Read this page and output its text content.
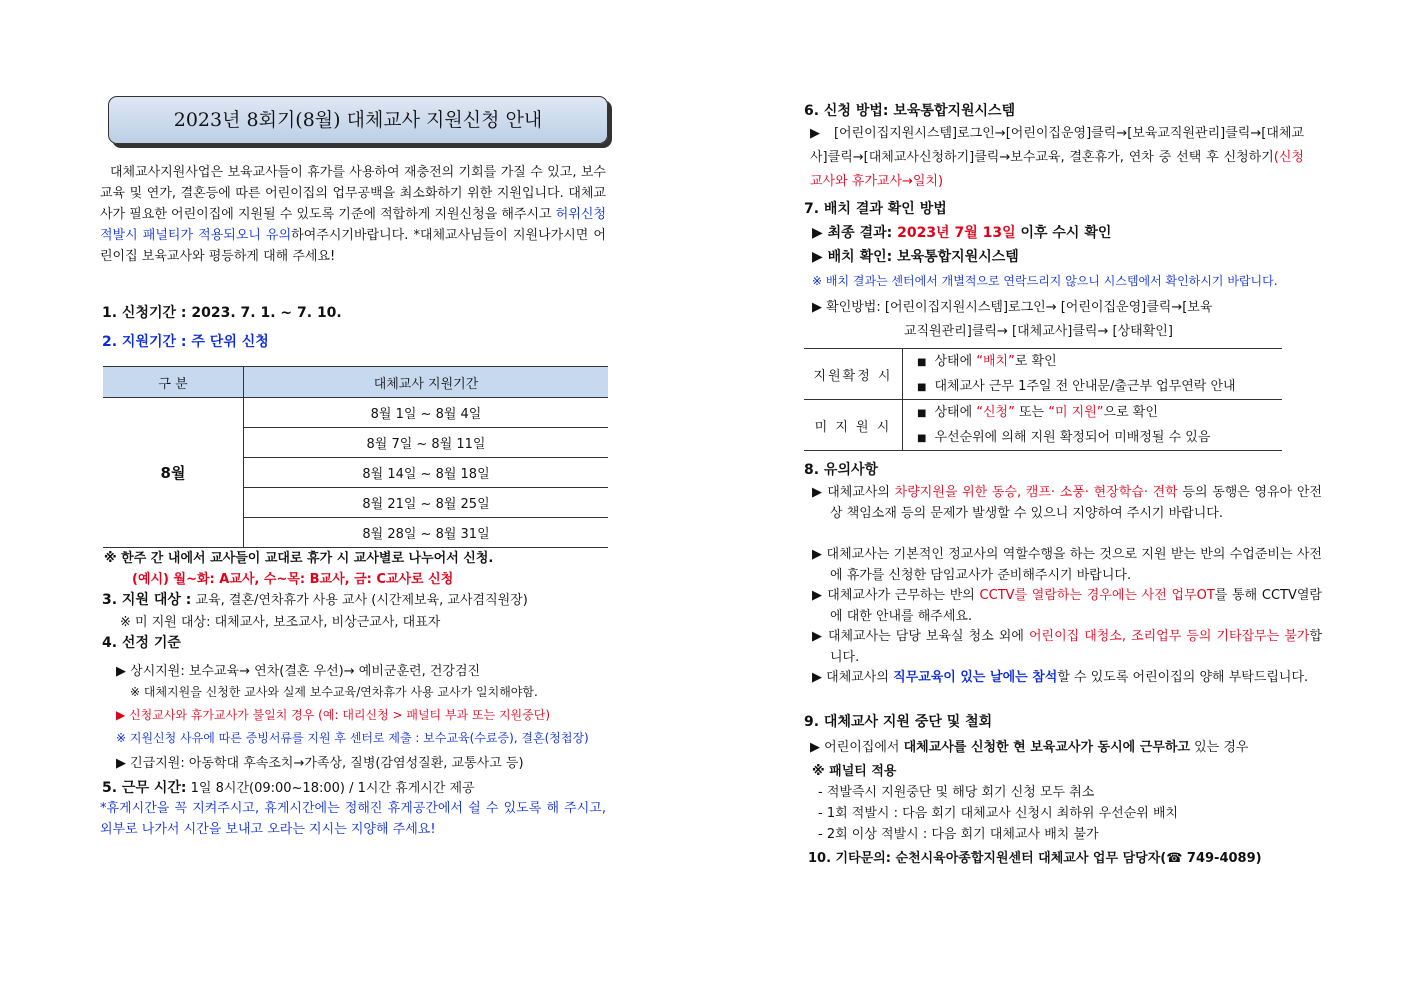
2023년 8회기(8월) 대체교사 지원신청 안내
대체교사지원사업은 보육교사들이 휴가를 사용하여 재충전의 기회를 가질 수 있고, 보수교육 및 연가, 결혼등에 따른 어린이집의 업무공백을 최소화하기 위한 지원입니다. 대체교사가 필요한 어린이집에 지원될 수 있도록 기준에 적합하게 지원신청을 해주시고 허위신청 적발시 패널티가 적용되오니 유의하여주시기바랍니다. *대체교사님들이 지원나가시면 어린이집 보육교사와 평등하게 대해 주세요!
1. 신청기간 : 2023. 7. 1. ~ 7. 10.
2. 지원기간 : 주 단위 신청
구 분	대체교사 지원기간
8월	8월 1일 ~ 8월 4일
	8월 7일 ~ 8월 11일
	8월 14일 ~ 8월 18일
	8월 21일 ~ 8월 25일
	8월 28일 ~ 8월 31일
※ 한주 간 내에서 교사들이 교대로 휴가 시 교사별로 나누어서 신청.
(예시) 월~화: A교사, 수~목: B교사, 금: C교사로 신청
3. 지원 대상 : 교육, 결혼/연차휴가 사용 교사 (시간제보육, 교사겸직원장)
※ 미 지원 대상: 대체교사, 보조교사, 비상근교사, 대표자
4. 선정 기준
▶ 상시지원: 보수교육→ 연차(결혼 우선)→ 예비군훈련, 건강검진
※ 대체지원을 신청한 교사와 실제 보수교육/연차휴가 사용 교사가 일치해야함.
▶ 신청교사와 휴가교사가 불일치 경우 (예: 대리신청 > 패널티 부과 또는 지원중단)
※ 지원신청 사유에 따른 증빙서류를 지원 후 센터로 제출 : 보수교육(수료증), 결혼(청첩장)
▶ 긴급지원: 아동학대 후속조치→가족상, 질병(감염성질환, 교통사고 등)
5. 근무 시간: 1일 8시간(09:00~18:00) / 1시간 휴게시간 제공
*휴게시간을 꼭 지켜주시고, 휴게시간에는 정해진 휴게공간에서 쉴 수 있도록 해 주시고, 외부로 나가서 시간을 보내고 오라는 지시는 지양해 주세요!
6. 신청 방법: 보육통합지원시스템
▶ [어린이집지원시스템]로그인→[어린이집운영]클릭→[보육교직원관리]클릭→[대체교사]클릭→[대체교사신청하기]클릭→보수교육, 결혼휴가, 연차 중 선택 후 신청하기(신청교사와 휴가교사→일치)
7. 배치 결과 확인 방법
▶ 최종 결과: 2023년 7월 13일 이후 수시 확인
▶ 배치 확인: 보육통합지원시스템
※ 배치 결과는 센터에서 개별적으로 연락드리지 않으니 시스템에서 확인하시기 바랍니다.
▶ 확인방법: [어린이집지원시스템]로그인→ [어린이집운영]클릭→[보육
교직원관리]클릭→ [대체교사]클릭→ [상태확인]
지원확정 시	■ 상태에 “배치”로 확인
■ 대체교사 근무 1주일 전 안내문/출근부 업무연락 안내

미 지 원 시	■ 상태에 “신청” 또는 “미 지원”으로 확인
■ 우선순위에 의해 지원 확정되어 미배정될 수 있음
8. 유의사항
▶ 대체교사의 차량지원을 위한 동승, 캠프· 소풍· 현장학습· 견학 등의 동행은 영유아 안전상 책임소재 등의 문제가 발생할 수 있으니 지양하여 주시기 바랍니다.
▶ 대체교사는 기본적인 정교사의 역할수행을 하는 것으로 지원 받는 반의 수업준비는 사전에 휴가를 신청한 담임교사가 준비해주시기 바랍니다.
▶ 대체교사가 근무하는 반의 CCTV를 열람하는 경우에는 사전 업무OT를 통해 CCTV열람에 대한 안내를 해주세요.
▶ 대체교사는 담당 보육실 청소 외에 어린이집 대청소, 조리업무 등의 기타잡무는 불가합니다.
▶ 대체교사의 직무교육이 있는 날에는 참석할 수 있도록 어린이집의 양해 부탁드립니다.
9. 대체교사 지원 중단 및 철회
▶ 어린이집에서 대체교사를 신청한 현 보육교사가 동시에 근무하고 있는 경우
※ 패널티 적용
- 적발즉시 지원중단 및 해당 회기 신청 모두 취소
- 1회 적발시 : 다음 회기 대체교사 신청시 최하위 우선순위 배치
- 2회 이상 적발시 : 다음 회기 대체교사 배치 불가
10. 기타문의: 순천시육아종합지원센터 대체교사 업무 담당자(☎ 749-4089)
